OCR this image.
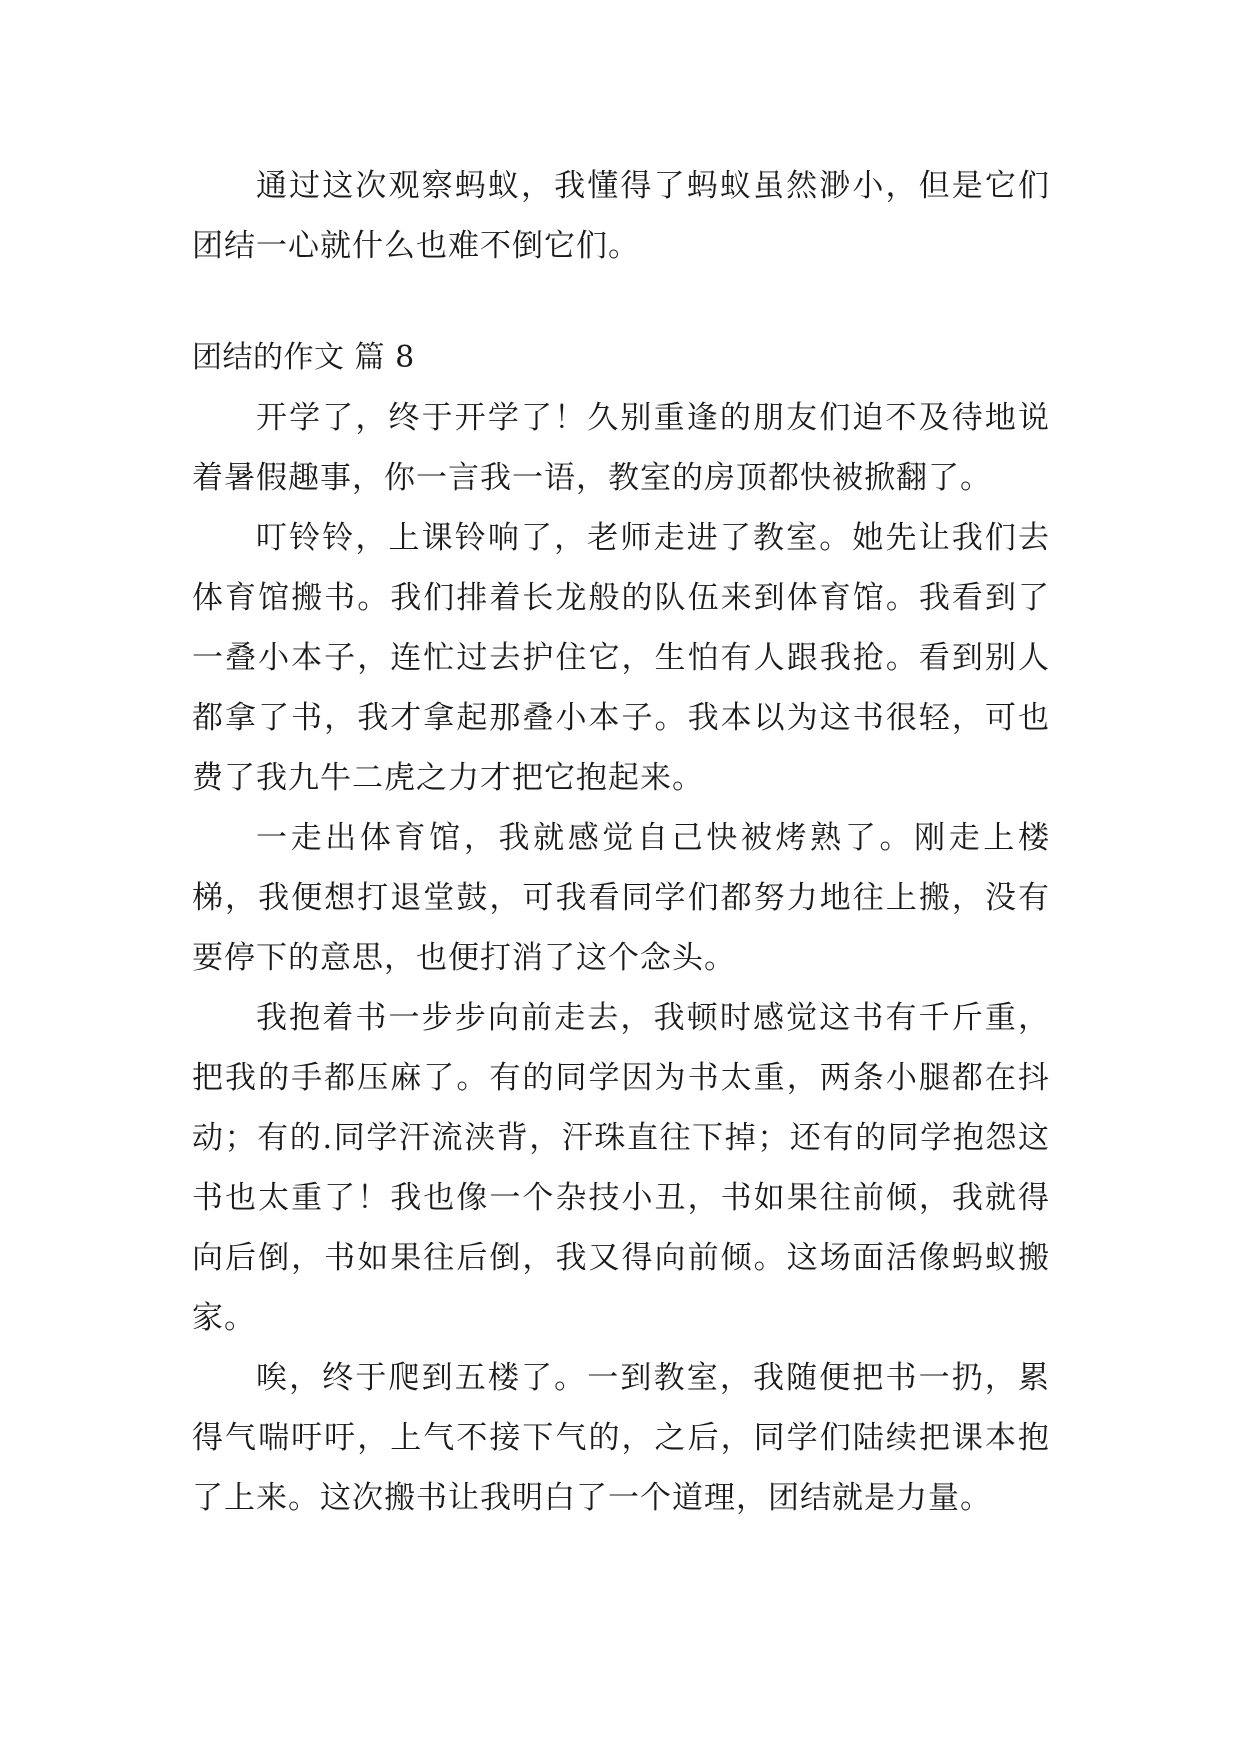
通过这次观察蚂蚁，我懂得了蚂蚁虽然渺小，但是它们团结一心就什么也难不倒它们。

团结的作文 篇 8

开学了，终于开学了！久别重逢的朋友们迫不及待地说着暑假趣事，你一言我一语，教室的房顶都快被掀翻了。

叮铃铃，上课铃响了，老师走进了教室。她先让我们去体育馆搬书。我们排着长龙般的队伍来到体育馆。我看到了一叠小本子，连忙过去护住它，生怕有人跟我抢。看到别人都拿了书，我才拿起那叠小本子。我本以为这书很轻，可也费了我九牛二虎之力才把它抱起来。

一走出体育馆，我就感觉自己快被烤熟了。刚走上楼梯，我便想打退堂鼓，可我看同学们都努力地往上搬，没有要停下的意思，也便打消了这个念头。

我抱着书一步步向前走去，我顿时感觉这书有千斤重，把我的手都压麻了。有的同学因为书太重，两条小腿都在抖动；有的.同学汗流浃背，汗珠直往下掉；还有的同学抱怨这书也太重了！我也像一个杂技小丑，书如果往前倾，我就得向后倒，书如果往后倒，我又得向前倾。这场面活像蚂蚁搬家。

唉，终于爬到五楼了。一到教室，我随便把书一扔，累得气喘吁吁，上气不接下气的，之后，同学们陆续把课本抱了上来。这次搬书让我明白了一个道理，团结就是力量。
